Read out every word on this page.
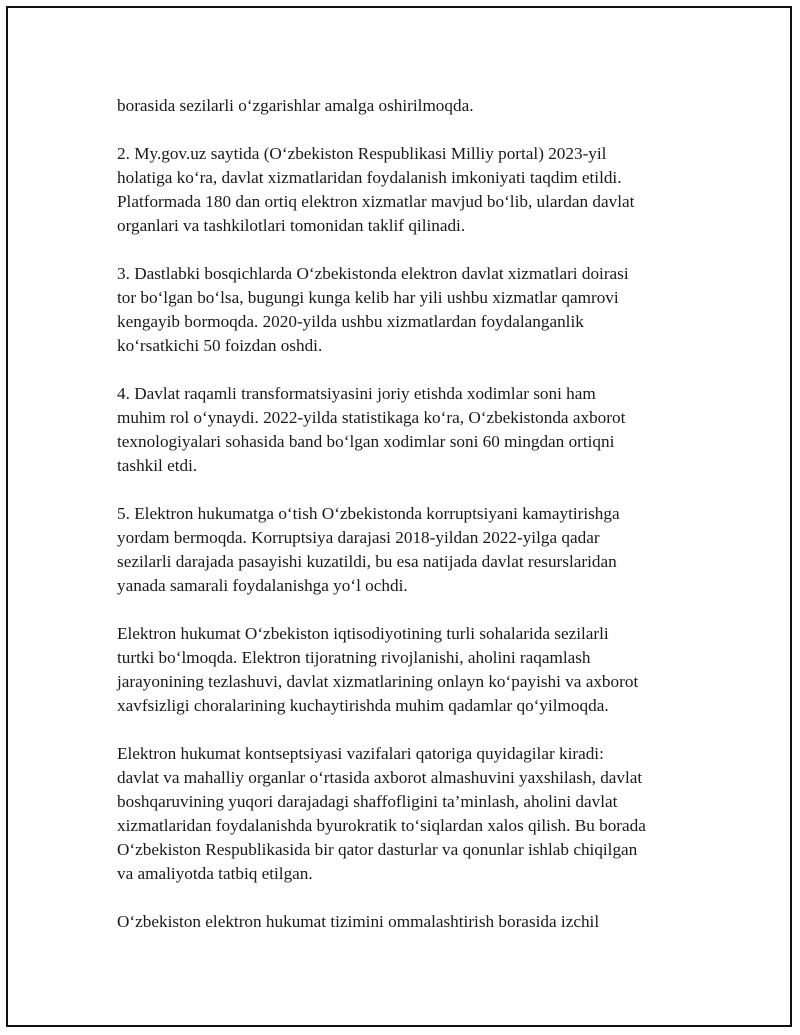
borasida sezilarli o‘zgarishlar amalga oshirilmoqda.
2. My.gov.uz saytida (O‘zbekiston Respublikasi Milliy portal) 2023-yil
holatiga ko‘ra, davlat xizmatlaridan foydalanish imkoniyati taqdim etildi.
Platformada 180 dan ortiq elektron xizmatlar mavjud bo‘lib, ulardan davlat
organlari va tashkilotlari tomonidan taklif qilinadi.
3. Dastlabki bosqichlarda O‘zbekistonda elektron davlat xizmatlari doirasi
tor bo‘lgan bo‘lsa, bugungi kunga kelib har yili ushbu xizmatlar qamrovi
kengayib bormoqda. 2020-yilda ushbu xizmatlardan foydalanganlik
ko‘rsatkichi 50 foizdan oshdi.
4. Davlat raqamli transformatsiyasini joriy etishda xodimlar soni ham
muhim rol o‘ynaydi. 2022-yilda statistikaga ko‘ra, O‘zbekistonda axborot
texnologiyalari sohasida band bo‘lgan xodimlar soni 60 mingdan ortiqni
tashkil etdi.
5. Elektron hukumatga o‘tish O‘zbekistonda korruptsiyani kamaytirishga
yordam bermoqda. Korruptsiya darajasi 2018-yildan 2022-yilga qadar
sezilarli darajada pasayishi kuzatildi, bu esa natijada davlat resurslaridan
yanada samarali foydalanishga yo‘l ochdi.
Elektron hukumat O‘zbekiston iqtisodiyotining turli sohalarida sezilarli
turtki bo‘lmoqda. Elektron tijoratning rivojlanishi, aholini raqamlash
jarayonining tezlashuvi, davlat xizmatlarining onlayn ko‘payishi va axborot
xavfsizligi choralarining kuchaytirishda muhim qadamlar qo‘yilmoqda.
Elektron hukumat kontseptsiyasi vazifalari qatoriga quyidagilar kiradi:
davlat va mahalliy organlar o‘rtasida axborot almashuvini yaxshilash, davlat
boshqaruvining yuqori darajadagi shaffofligini ta’minlash, aholini davlat
xizmatlaridan foydalanishda byurokratik to‘siqlardan xalos qilish. Bu borada
O‘zbekiston Respublikasida bir qator dasturlar va qonunlar ishlab chiqilgan
va amaliyotda tatbiq etilgan.
O‘zbekiston elektron hukumat tizimini ommalashtirish borasida izchil
